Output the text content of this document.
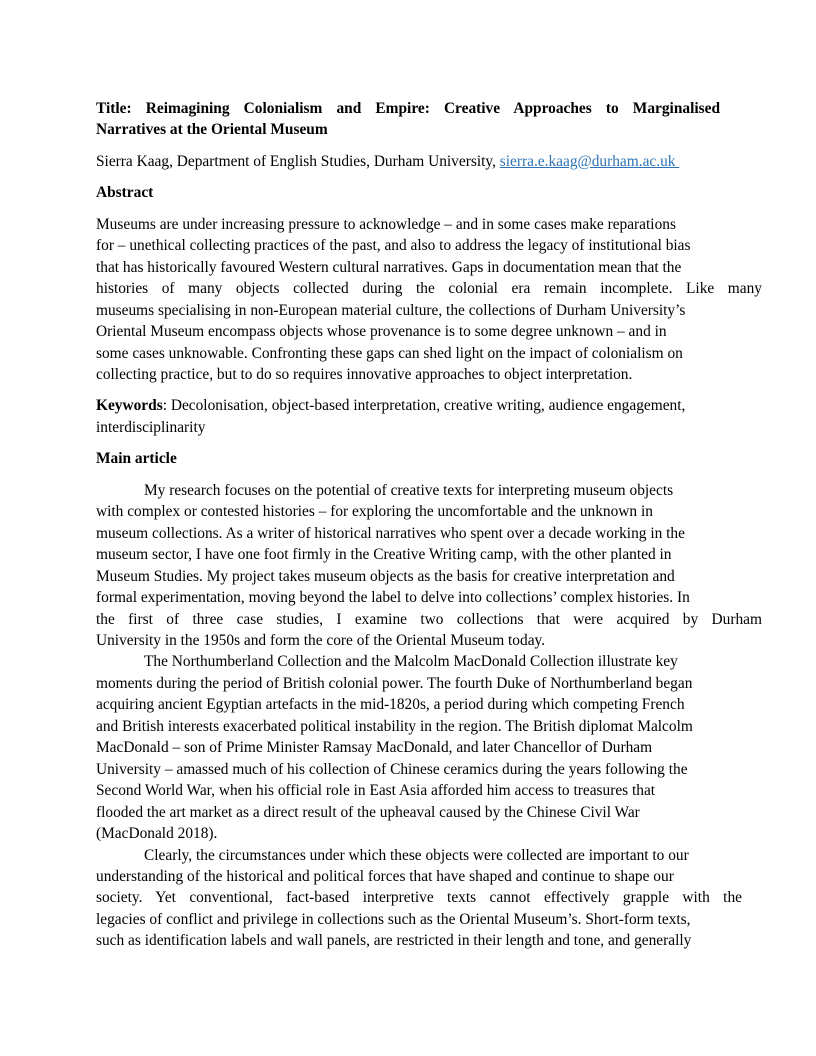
Title: Reimagining Colonialism and Empire: Creative Approaches to Marginalised
Narratives at the Oriental Museum
Sierra Kaag, Department of English Studies, Durham University, sierra.e.kaag@durham.ac.uk
Abstract
Museums are under increasing pressure to acknowledge – and in some cases make reparations
for – unethical collecting practices of the past, and also to address the legacy of institutional bias
that has historically favoured Western cultural narratives. Gaps in documentation mean that the
histories of many objects collected during the colonial era remain incomplete. Like many
museums specialising in non-European material culture, the collections of Durham University’s
Oriental Museum encompass objects whose provenance is to some degree unknown – and in
some cases unknowable. Confronting these gaps can shed light on the impact of colonialism on
collecting practice, but to do so requires innovative approaches to object interpretation.
Keywords: Decolonisation, object-based interpretation, creative writing, audience engagement,
interdisciplinarity
Main article
My research focuses on the potential of creative texts for interpreting museum objects
with complex or contested histories – for exploring the uncomfortable and the unknown in
museum collections. As a writer of historical narratives who spent over a decade working in the
museum sector, I have one foot firmly in the Creative Writing camp, with the other planted in
Museum Studies. My project takes museum objects as the basis for creative interpretation and
formal experimentation, moving beyond the label to delve into collections’ complex histories. In
the first of three case studies, I examine two collections that were acquired by Durham
University in the 1950s and form the core of the Oriental Museum today.
The Northumberland Collection and the Malcolm MacDonald Collection illustrate key
moments during the period of British colonial power. The fourth Duke of Northumberland began
acquiring ancient Egyptian artefacts in the mid-1820s, a period during which competing French
and British interests exacerbated political instability in the region. The British diplomat Malcolm
MacDonald – son of Prime Minister Ramsay MacDonald, and later Chancellor of Durham
University – amassed much of his collection of Chinese ceramics during the years following the
Second World War, when his official role in East Asia afforded him access to treasures that
flooded the art market as a direct result of the upheaval caused by the Chinese Civil War
(MacDonald 2018).
Clearly, the circumstances under which these objects were collected are important to our
understanding of the historical and political forces that have shaped and continue to shape our
society. Yet conventional, fact-based interpretive texts cannot effectively grapple with the
legacies of conflict and privilege in collections such as the Oriental Museum’s. Short-form texts,
such as identification labels and wall panels, are restricted in their length and tone, and generally
